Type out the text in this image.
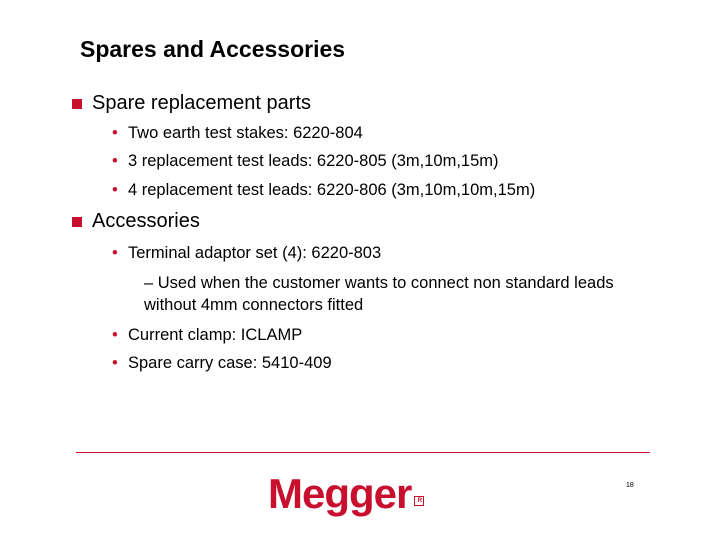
Spares and Accessories
Spare replacement parts
• Two earth test stakes: 6220-804
• 3 replacement test leads: 6220-805 (3m,10m,15m)
• 4 replacement test leads: 6220-806 (3m,10m,10m,15m)
Accessories
• Terminal adaptor set (4): 6220-803
– Used when the customer wants to connect non standard leads without 4mm connectors fitted
• Current clamp: ICLAMP
• Spare carry case: 5410-409
Megger	R
18
